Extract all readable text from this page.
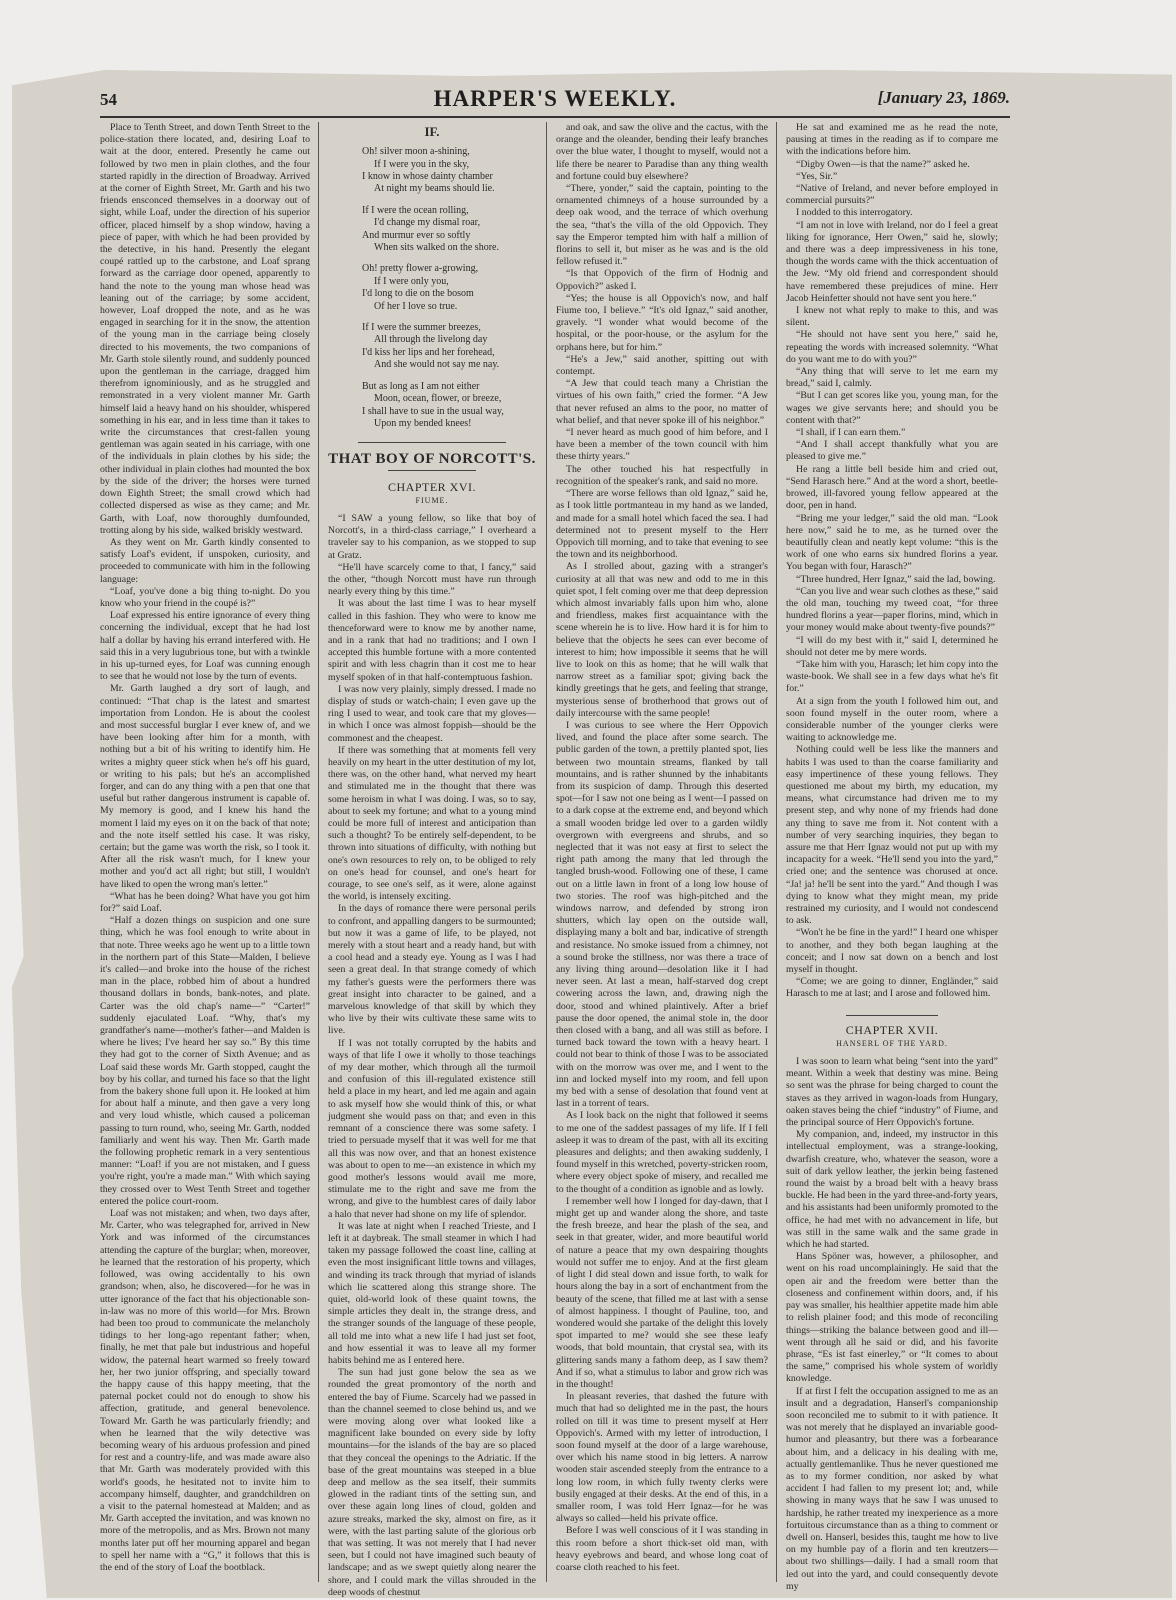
54	HARPER'S WEEKLY.	[January 23, 1869.

Place to Tenth Street, and down Tenth Street to the police-station there located, and, desiring Loaf to wait at the door, entered. Presently he came out followed by two men in plain clothes, and the four started rapidly in the direction of Broadway. Arrived at the corner of Eighth Street, Mr. Garth and his two friends ensconced themselves in a doorway out of sight, while Loaf, under the direction of his superior officer, placed himself by a shop window, having a piece of paper, with which he had been provided by the detective, in his hand. Presently the elegant coupé rattled up to the carbstone, and Loaf sprang forward as the carriage door opened, apparently to hand the note to the young man whose head was leaning out of the carriage; by some accident, however, Loaf dropped the note, and as he was engaged in searching for it in the snow, the attention of the young man in the carriage being closely directed to his movements, the two companions of Mr. Garth stole silently round, and suddenly pounced upon the gentleman in the carriage, dragged him therefrom ignominiously, and as he struggled and remonstrated in a very violent manner Mr. Garth himself laid a heavy hand on his shoulder, whispered something in his ear, and in less time than it takes to write the circumstances that crest-fallen young gentleman was again seated in his carriage, with one of the individuals in plain clothes by his side; the other individual in plain clothes had mounted the box by the side of the driver; the horses were turned down Eighth Street; the small crowd which had collected dispersed as wise as they came; and Mr. Garth, with Loaf, now thoroughly dumfounded, trotting along by his side, walked briskly westward.

As they went on Mr. Garth kindly consented to satisfy Loaf's evident, if unspoken, curiosity, and proceeded to communicate with him in the following language:

“Loaf, you've done a big thing to-night. Do you know who your friend in the coupé is?”

Loaf expressed his entire ignorance of every thing concerning the individual, except that he had lost half a dollar by having his errand interfered with. He said this in a very lugubrious tone, but with a twinkle in his up-turned eyes, for Loaf was cunning enough to see that he would not lose by the turn of events.

Mr. Garth laughed a dry sort of laugh, and continued: “That chap is the latest and smartest importation from London. He is about the coolest and most successful burglar I ever knew of, and we have been looking after him for a month, with nothing but a bit of his writing to identify him. He writes a mighty queer stick when he's off his guard, or writing to his pals; but he's an accomplished forger, and can do any thing with a pen that one that useful but rather dangerous instrument is capable of. My memory is good, and I knew his hand the moment I laid my eyes on it on the back of that note; and the note itself settled his case. It was risky, certain; but the game was worth the risk, so I took it. After all the risk wasn't much, for I knew your mother and you'd act all right; but still, I wouldn't have liked to open the wrong man's letter.”

“What has he been doing? What have you got him for?” said Loaf.

“Half a dozen things on suspicion and one sure thing, which he was fool enough to write about in that note. Three weeks ago he went up to a little town in the northern part of this State—Malden, I believe it's called—and broke into the house of the richest man in the place, robbed him of about a hundred thousand dollars in bonds, bank-notes, and plate. Carter was the old chap's name—” “Carter!” suddenly ejaculated Loaf. “Why, that's my grandfather's name—mother's father—and Malden is where he lives; I've heard her say so.” By this time they had got to the corner of Sixth Avenue; and as Loaf said these words Mr. Garth stopped, caught the boy by his collar, and turned his face so that the light from the bakery shone full upon it. He looked at him for about half a minute, and then gave a very long and very loud whistle, which caused a policeman passing to turn round, who, seeing Mr. Garth, nodded familiarly and went his way. Then Mr. Garth made the following prophetic remark in a very sententious manner: “Loaf! if you are not mistaken, and I guess you're right, you're a made man.” With which saying they crossed over to West Tenth Street and together entered the police court-room.

Loaf was not mistaken; and when, two days after, Mr. Carter, who was telegraphed for, arrived in New York and was informed of the circumstances attending the capture of the burglar; when, moreover, he learned that the restoration of his property, which followed, was owing accidentally to his own grandson; when, also, he discovered—for he was in utter ignorance of the fact that his objectionable son-in-law was no more of this world—for Mrs. Brown had been too proud to communicate the melancholy tidings to her long-ago repentant father; when, finally, he met that pale but industrious and hopeful widow, the paternal heart warmed so freely toward her, her two junior offspring, and specially toward the happy cause of this happy meeting, that the paternal pocket could not do enough to show his affection, gratitude, and general benevolence. Toward Mr. Garth he was particularly friendly; and when he learned that the wily detective was becoming weary of his arduous profession and pined for rest and a country-life, and was made aware also that Mr. Garth was moderately provided with this world's goods, he hesitated not to invite him to accompany himself, daughter, and grandchildren on a visit to the paternal homestead at Malden; and as Mr. Garth accepted the invitation, and was known no more of the metropolis, and as Mrs. Brown not many months later put off her mourning apparel and began to spell her name with a “G,” it follows that this is the end of the story of Loaf the bootblack.

IF.
Oh! silver moon a-shining,
If I were you in the sky,
I know in whose dainty chamber
At night my beams should lie.
If I were the ocean rolling,
I'd change my dismal roar,
And murmur ever so softly
When sits walked on the shore.
Oh! pretty flower a-growing,
If I were only you,
I'd long to die on the bosom
Of her I love so true.
If I were the summer breezes,
All through the livelong day
I'd kiss her lips and her forehead,
And she would not say me nay.
But as long as I am not either
Moon, ocean, flower, or breeze,
I shall have to sue in the usual way,
Upon my bended knees!
THAT BOY OF NORCOTT'S.
CHAPTER XVI.
FIUME.

“I SAW a young fellow, so like that boy of Norcott's, in a third-class carriage,” I overheard a traveler say to his companion, as we stopped to sup at Gratz.

“He'll have scarcely come to that, I fancy,” said the other, “though Norcott must have run through nearly every thing by this time.”

It was about the last time I was to hear myself called in this fashion. They who were to know me thenceforward were to know me by another name, and in a rank that had no traditions; and I own I accepted this humble fortune with a more contented spirit and with less chagrin than it cost me to hear myself spoken of in that half-contemptuous fashion.

I was now very plainly, simply dressed. I made no display of studs or watch-chain; I even gave up the ring I used to wear, and took care that my gloves—in which I once was almost foppish—should be the commonest and the cheapest.

If there was something that at moments fell very heavily on my heart in the utter destitution of my lot, there was, on the other hand, what nerved my heart and stimulated me in the thought that there was some heroism in what I was doing. I was, so to say, about to seek my fortune; and what to a young mind could be more full of interest and anticipation than such a thought? To be entirely self-dependent, to be thrown into situations of difficulty, with nothing but one's own resources to rely on, to be obliged to rely on one's head for counsel, and one's heart for courage, to see one's self, as it were, alone against the world, is intensely exciting.

In the days of romance there were personal perils to confront, and appalling dangers to be surmounted; but now it was a game of life, to be played, not merely with a stout heart and a ready hand, but with a cool head and a steady eye. Young as I was I had seen a great deal. In that strange comedy of which my father's guests were the performers there was great insight into character to be gained, and a marvelous knowledge of that skill by which they who live by their wits cultivate these same wits to live.

If I was not totally corrupted by the habits and ways of that life I owe it wholly to those teachings of my dear mother, which through all the turmoil and confusion of this ill-regulated existence still held a place in my heart, and led me again and again to ask myself how she would think of this, or what judgment she would pass on that; and even in this remnant of a conscience there was some safety. I tried to persuade myself that it was well for me that all this was now over, and that an honest existence was about to open to me—an existence in which my good mother's lessons would avail me more, stimulate me to the right and save me from the wrong, and give to the humblest cares of daily labor a halo that never had shone on my life of splendor.

It was late at night when I reached Trieste, and I left it at daybreak. The small steamer in which I had taken my passage followed the coast line, calling at even the most insignificant little towns and villages, and winding its track through that myriad of islands which lie scattered along this strange shore. The quiet, old-world look of these quaint towns, the simple articles they dealt in, the strange dress, and the stranger sounds of the language of these people, all told me into what a new life I had just set foot, and how essential it was to leave all my former habits behind me as I entered here.

The sun had just gone below the sea as we rounded the great promontory of the north and entered the bay of Fiume. Scarcely had we passed in than the channel seemed to close behind us, and we were moving along over what looked like a magnificent lake bounded on every side by lofty mountains—for the islands of the bay are so placed that they conceal the openings to the Adriatic. If the base of the great mountains was steeped in a blue deep and mellow as the sea itself, their summits glowed in the radiant tints of the setting sun, and over these again long lines of cloud, golden and azure streaks, marked the sky, almost on fire, as it were, with the last parting salute of the glorious orb that was setting. It was not merely that I had never seen, but I could not have imagined such beauty of landscape; and as we swept quietly along nearer the shore, and I could mark the villas shrouded in the deep woods of chestnut

and oak, and saw the olive and the cactus, with the orange and the oleander, bending their leafy branches over the blue water, I thought to myself, would not a life there be nearer to Paradise than any thing wealth and fortune could buy elsewhere?

“There, yonder,” said the captain, pointing to the ornamented chimneys of a house surrounded by a deep oak wood, and the terrace of which overhung the sea, “that's the villa of the old Oppovich. They say the Emperor tempted him with half a million of florins to sell it, but miser as he was and is the old fellow refused it.”

“Is that Oppovich of the firm of Hodnig and Oppovich?” asked I.

“Yes; the house is all Oppovich's now, and half Fiume too, I believe.” “It's old Ignaz,” said another, gravely. “I wonder what would become of the hospital, or the poor-house, or the asylum for the orphans here, but for him.”

“He's a Jew,” said another, spitting out with contempt.

“A Jew that could teach many a Christian the virtues of his own faith,” cried the former. “A Jew that never refused an alms to the poor, no matter of what belief, and that never spoke ill of his neighbor.”

“I never heard as much good of him before, and I have been a member of the town council with him these thirty years.”

The other touched his hat respectfully in recognition of the speaker's rank, and said no more.

“There are worse fellows than old Ignaz,” said he, as I took little portmanteau in my hand as we landed, and made for a small hotel which faced the sea. I had determined not to present myself to the Herr Oppovich till morning, and to take that evening to see the town and its neighborhood.

As I strolled about, gazing with a stranger's curiosity at all that was new and odd to me in this quiet spot, I felt coming over me that deep depression which almost invariably falls upon him who, alone and friendless, makes first acquaintance with the scene wherein he is to live. How hard it is for him to believe that the objects he sees can ever become of interest to him; how impossible it seems that he will live to look on this as home; that he will walk that narrow street as a familiar spot; giving back the kindly greetings that he gets, and feeling that strange, mysterious sense of brotherhood that grows out of daily intercourse with the same people!

I was curious to see where the Herr Oppovich lived, and found the place after some search. The public garden of the town, a prettily planted spot, lies between two mountain streams, flanked by tall mountains, and is rather shunned by the inhabitants from its suspicion of damp. Through this deserted spot—for I saw not one being as I went—I passed on to a dark copse at the extreme end, and beyond which a small wooden bridge led over to a garden wildly overgrown with evergreens and shrubs, and so neglected that it was not easy at first to select the right path among the many that led through the tangled brush-wood. Following one of these, I came out on a little lawn in front of a long low house of two stories. The roof was high-pitched and the windows narrow, and defended by strong iron shutters, which lay open on the outside wall, displaying many a bolt and bar, indicative of strength and resistance. No smoke issued from a chimney, not a sound broke the stillness, nor was there a trace of any living thing around—desolation like it I had never seen. At last a mean, half-starved dog crept cowering across the lawn, and, drawing nigh the door, stood and whined plaintively. After a brief pause the door opened, the animal stole in, the door then closed with a bang, and all was still as before. I turned back toward the town with a heavy heart. I could not bear to think of those I was to be associated with on the morrow was over me, and I went to the inn and locked myself into my room, and fell upon my bed with a sense of desolation that found vent at last in a torrent of tears.

As I look back on the night that followed it seems to me one of the saddest passages of my life. If I fell asleep it was to dream of the past, with all its exciting pleasures and delights; and then awaking suddenly, I found myself in this wretched, poverty-stricken room, where every object spoke of misery, and recalled me to the thought of a condition as ignoble and as lowly.

I remember well how I longed for day-dawn, that I might get up and wander along the shore, and taste the fresh breeze, and hear the plash of the sea, and seek in that greater, wider, and more beautiful world of nature a peace that my own despairing thoughts would not suffer me to enjoy. And at the first gleam of light I did steal down and issue forth, to walk for hours along the bay in a sort of enchantment from the beauty of the scene, that filled me at last with a sense of almost happiness. I thought of Pauline, too, and wondered would she partake of the delight this lovely spot imparted to me? would she see these leafy woods, that bold mountain, that crystal sea, with its glittering sands many a fathom deep, as I saw them? And if so, what a stimulus to labor and grow rich was in the thought!

In pleasant reveries, that dashed the future with much that had so delighted me in the past, the hours rolled on till it was time to present myself at Herr Oppovich's. Armed with my letter of introduction, I soon found myself at the door of a large warehouse, over which his name stood in big letters. A narrow wooden stair ascended steeply from the entrance to a long low room, in which fully twenty clerks were busily engaged at their desks. At the end of this, in a smaller room, I was told Herr Ignaz—for he was always so called—held his private office.

Before I was well conscious of it I was standing in this room before a short thick-set old man, with heavy eyebrows and beard, and whose long coat of coarse cloth reached to his feet.

He sat and examined me as he read the note, pausing at times in the reading as if to compare me with the indications before him.

“Digby Owen—is that the name?” asked he.

“Yes, Sir.”

“Native of Ireland, and never before employed in commercial pursuits?”

I nodded to this interrogatory.

“I am not in love with Ireland, nor do I feel a great liking for ignorance, Herr Owen,” said he, slowly; and there was a deep impressiveness in his tone, though the words came with the thick accentuation of the Jew. “My old friend and correspondent should have remembered these prejudices of mine. Herr Jacob Heinfetter should not have sent you here.”

I knew not what reply to make to this, and was silent.

“He should not have sent you here,” said he, repeating the words with increased solemnity. “What do you want me to do with you?”

“Any thing that will serve to let me earn my bread,” said I, calmly.

“But I can get scores like you, young man, for the wages we give servants here; and should you be content with that?”

“I shall, if I can earn them.”

“And I shall accept thankfully what you are pleased to give me.”

He rang a little bell beside him and cried out, “Send Harasch here.” And at the word a short, beetle-browed, ill-favored young fellow appeared at the door, pen in hand.

“Bring me your ledger,” said the old man. “Look here now,” said he to me, as he turned over the beautifully clean and neatly kept volume: “this is the work of one who earns six hundred florins a year. You began with four, Harasch?”

“Three hundred, Herr Ignaz,” said the lad, bowing.

“Can you live and wear such clothes as these,” said the old man, touching my tweed coat, “for three hundred florins a year—paper florins, mind, which in your money would make about twenty-five pounds?”

“I will do my best with it,” said I, determined he should not deter me by mere words.

“Take him with you, Harasch; let him copy into the waste-book. We shall see in a few days what he's fit for.”

At a sign from the youth I followed him out, and soon found myself in the outer room, where a considerable number of the younger clerks were waiting to acknowledge me.

Nothing could well be less like the manners and habits I was used to than the coarse familiarity and easy impertinence of these young fellows. They questioned me about my birth, my education, my means, what circumstance had driven me to my present step, and why none of my friends had done any thing to save me from it. Not content with a number of very searching inquiries, they began to assure me that Herr Ignaz would not put up with my incapacity for a week. “He'll send you into the yard,” cried one; and the sentence was chorused at once. “Ja! ja! he'll be sent into the yard.” And though I was dying to know what they might mean, my pride restrained my curiosity, and I would not condescend to ask.

“Won't he be fine in the yard!” I heard one whisper to another, and they both began laughing at the conceit; and I now sat down on a bench and lost myself in thought.

“Come; we are going to dinner, Engländer,” said Harasch to me at last; and I arose and followed him.

CHAPTER XVII.
HANSERL OF THE YARD.

I was soon to learn what being “sent into the yard” meant. Within a week that destiny was mine. Being so sent was the phrase for being charged to count the staves as they arrived in wagon-loads from Hungary, oaken staves being the chief “industry” of Fiume, and the principal source of Herr Oppovich's fortune.

My companion, and, indeed, my instructor in this intellectual employment, was a strange-looking, dwarfish creature, who, whatever the season, wore a suit of dark yellow leather, the jerkin being fastened round the waist by a broad belt with a heavy brass buckle. He had been in the yard three-and-forty years, and his assistants had been uniformly promoted to the office, he had met with no advancement in life, but was still in the same walk and the same grade in which he had started.

Hans Spöner was, however, a philosopher, and went on his road uncomplainingly. He said that the open air and the freedom were better than the closeness and confinement within doors, and, if his pay was smaller, his healthier appetite made him able to relish plainer food; and this mode of reconciling things—striking the balance between good and ill—went through all he said or did, and his favorite phrase, “Es ist fast einerley,” or “It comes to about the same,” comprised his whole system of worldly knowledge.

If at first I felt the occupation assigned to me as an insult and a degradation, Hanserl's companionship soon reconciled me to submit to it with patience. It was not merely that he displayed an invariable good-humor and pleasantry, but there was a forbearance about him, and a delicacy in his dealing with me, actually gentlemanlike. Thus he never questioned me as to my former condition, nor asked by what accident I had fallen to my present lot; and, while showing in many ways that he saw I was unused to hardship, he rather treated my inexperience as a more fortuitous circumstance than as a thing to comment or dwell on. Hanserl, besides this, taught me how to live on my humble pay of a florin and ten kreutzers—about two shillings—daily. I had a small room that led out into the yard, and could consequently devote my
